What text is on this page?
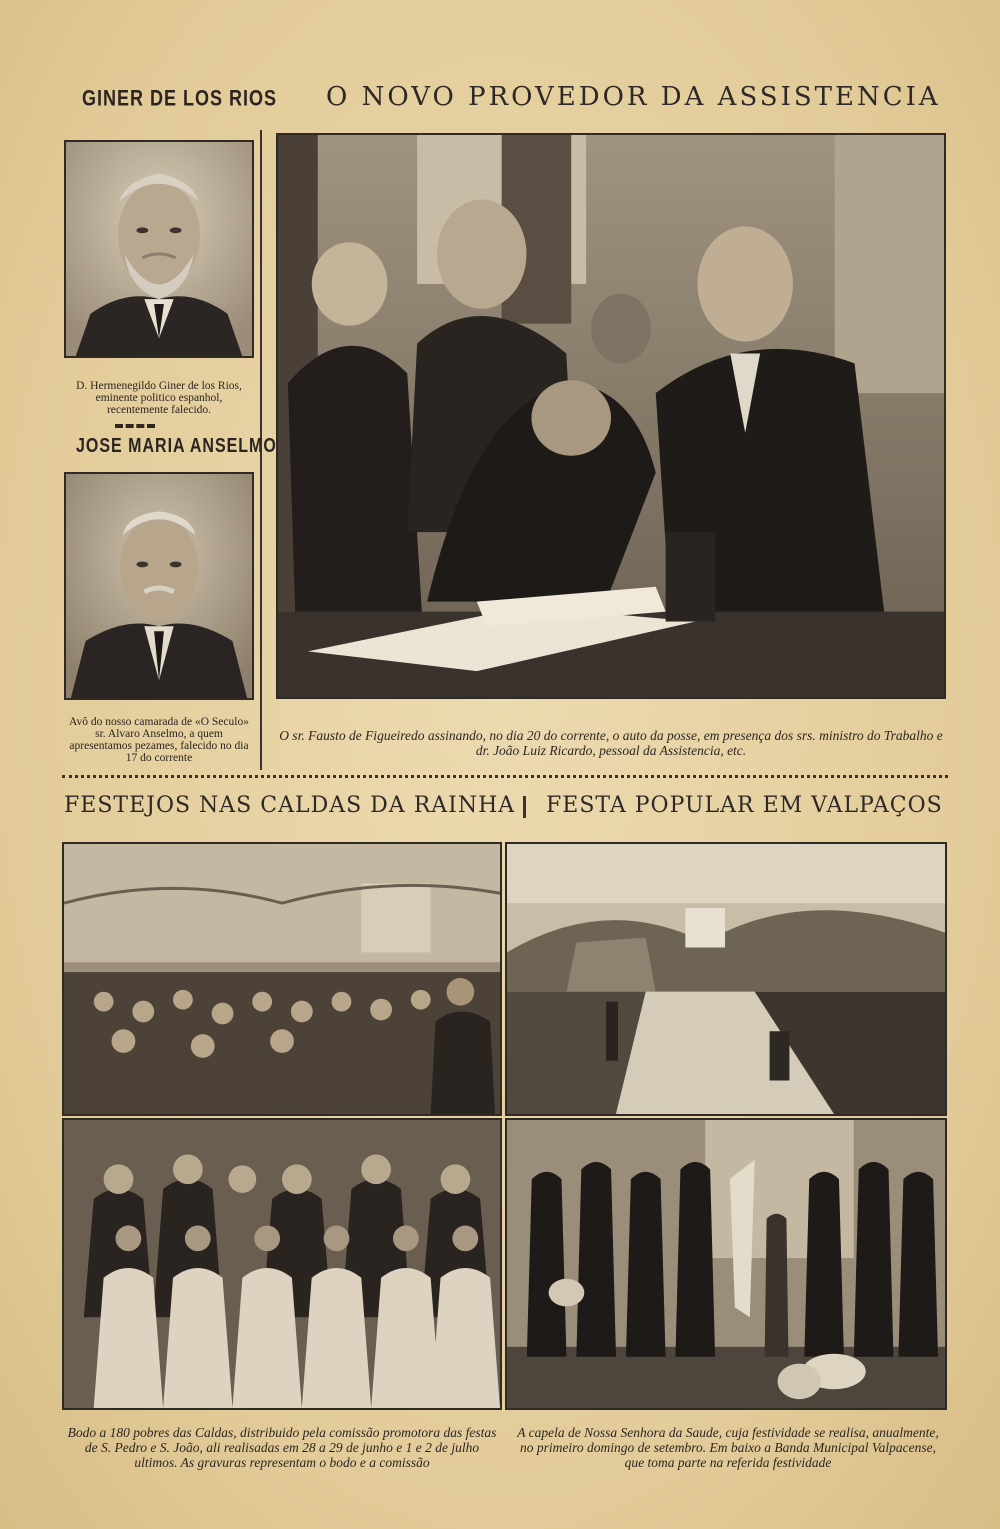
GINER DE LOS RIOS O NOVO PROVEDOR DA ASSISTENCIA
D. Hermenegildo Giner de los Rios, eminente politico espanhol, recentemente falecido.
JOSE MARIA ANSELMO
Avô do nosso camarada de «O Seculo» sr. Alvaro Anselmo, a quem apresentamos pezames, falecido no dia 17 do corrente
O sr. Fausto de Figueiredo assinando, no dia 20 do corrente, o auto da posse, em presença dos srs. ministro do Trabalho e dr. João Luiz Ricardo, pessoal da Assistencia, etc.
FESTEJOS NAS CALDAS DA RAINHA FESTA POPULAR EM VALPAÇOS
Bodo a 180 pobres das Caldas, distribuido pela comissão promotora das festas de S. Pedro e S. João, ali realisadas em 28 a 29 de junho e 1 e 2 de julho ultimos. As gravuras representam o bodo e a comissão
A capela de Nossa Senhora da Saude, cuja festividade se realisa, anualmente, no primeiro domingo de setembro. Em baixo a Banda Municipal Valpacense, que toma parte na referida festividade
